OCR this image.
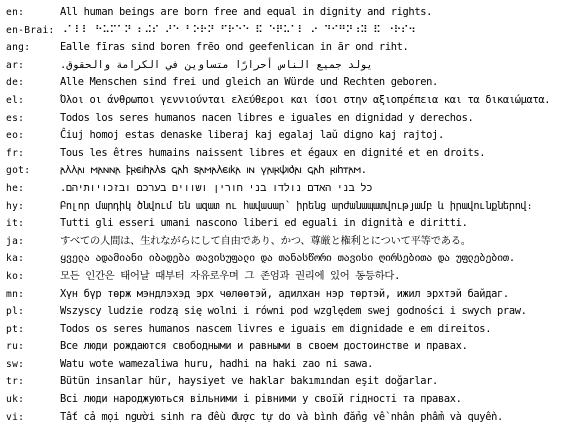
en:	All human beings are born free and equal in dignity and rights.
en-Brai: ⠠⠁⠇⠇ ⠓⠥⠍⠁⠝ ⠆⠬⠎ ⠜⠑ ⠃⠕⠗⠝ ⠋⠗⠑⠑ ⠯ ⠑⠟⠥⠁⠇ ⠔ ⠙⠊⠛⠝⠰⠽ ⠯ ⠐⠗⠎⠲
ang:	Ealle fīras sind boren frēo ond geefenlican in ār ond riht.
ar:	يولد جميع الناس أحرارًا متساوين في الكرامة والحقوق.
de:	Alle Menschen sind frei und gleich an Würde und Rechten geboren.
el:	Όλοι οι άνθρωποι γεννιούνται ελεύθεροι και ίσοι στην αξιοπρέπεια και τα δικαιώματα.
es:	Todos los seres humanos nacen libres e iguales en dignidad y derechos.
eo:	Ĉiuj homoj estas denaske liberaj kaj egalaj laŭ digno kaj rajtoj.
fr:	Tous les êtres humains naissent libres et égaux en dignité et en droits.
got:	𐌰𐌻𐌻𐌰𐌹 𐌼𐌰𐌽𐌽𐌰 𐍆𐍂𐌴𐌹𐌷𐌰𐌻𐍃 𐌾𐌰𐌷 𐍃𐌰𐌼𐌰𐌻𐌴𐌹𐌺𐌰 𐌹𐌽 𐍅𐌰𐌹𐍂𐌸𐌹𐌳𐌰𐌹 𐌾𐌰𐌷 𐍂𐌹𐌷𐍄𐌰𐌼.
he:	כל בני האדם נולדו בני חורין ושווים בערכם ובזכויותיהם.
hy:	Բոլոր մարդիկ ծնվում են ազատ ու հավասար՝ իրենց արժանապատվությամբ և իրավունքներով։
it:	Tutti gli esseri umani nascono liberi ed eguali in dignità e diritti.
ja:	すべての人間は、生れながらにして自由であり、かつ、尊厳と権利とについて平等である。
ka:	ყველა ადამიანი იბადება თავისუფალი და თანასწორი თავისი ღირსებითა და უფლებებით.
ko:	모든 인간은 태어날 때부터 자유로우며 그 존엄과 권리에 있어 동등하다.
mn:	Хүн бүр төрж мэндлэхэд эрх чөлөөтэй, адилхан нэр төртэй, ижил эрхтэй байдаг.
pl:	Wszyscy ludzie rodzą się wolni i równi pod względem swej godności i swych praw.
pt:	Todos os seres humanos nascem livres e iguais em dignidade e em direitos.
ru:	Все люди рождаются свободными и равными в своем достоинстве и правах.
sw:	Watu wote wamezaliwa huru, hadhi na haki zao ni sawa.
tr:	Bütün insanlar hür, haysiyet ve haklar bakımından eşit doğarlar.
uk:	Всі люди народжуються вільними і рівними у своїй гідності та правах.
vi:	Tất cả mọi người sinh ra đều được tự do và bình đẳng về nhân phẩm và quyền.
